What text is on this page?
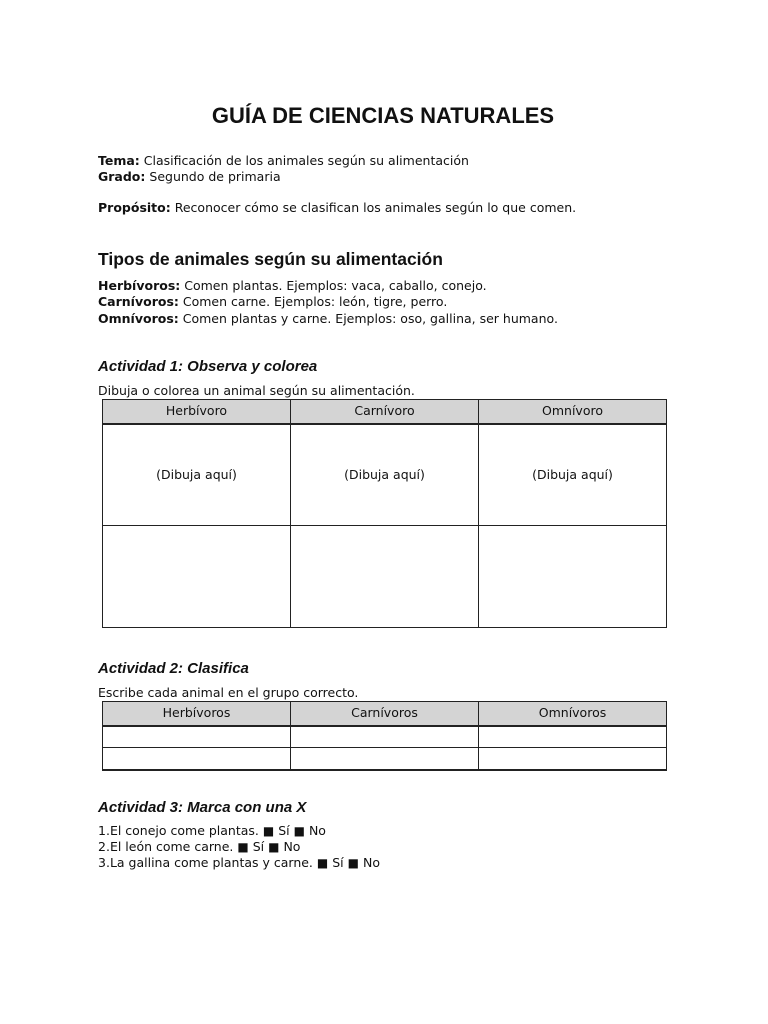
GUÍA DE CIENCIAS NATURALES
Tema: Clasificación de los animales según su alimentación
Grado: Segundo de primaria
Propósito: Reconocer cómo se clasifican los animales según lo que comen.
Tipos de animales según su alimentación
Herbívoros: Comen plantas. Ejemplos: vaca, caballo, conejo.
Carnívoros: Comen carne. Ejemplos: león, tigre, perro.
Omnívoros: Comen plantas y carne. Ejemplos: oso, gallina, ser humano.
Actividad 1: Observa y colorea
Dibuja o colorea un animal según su alimentación.
Herbívoro	Carnívoro	Omnívoro
(Dibuja aquí)	(Dibuja aquí)	(Dibuja aquí)

Actividad 2: Clasifica
Escribe cada animal en el grupo correcto.
Herbívoros	Carnívoros	Omnívoros

Actividad 3: Marca con una X
1.El conejo come plantas. ■ Sí ■ No
2.El león come carne. ■ Sí ■ No
3.La gallina come plantas y carne. ■ Sí ■ No
